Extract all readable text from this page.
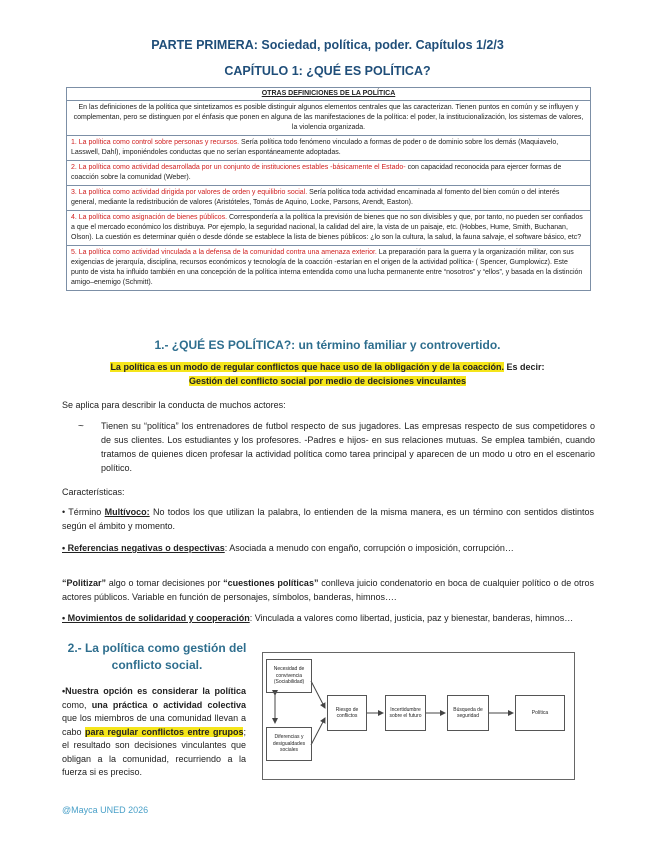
PARTE PRIMERA: Sociedad, política, poder. Capítulos 1/2/3
CAPÍTULO 1: ¿QUÉ ES POLÍTICA?
OTRAS DEFINICIONES DE LA POLÍTICA
En las definiciones de la política que sintetizamos es posible distinguir algunos elementos centrales que las caracterizan. Tienen puntos en común y se influyen y complementan, pero se distinguen por el énfasis que ponen en alguna de las manifestaciones de la política: el poder, la institucionalización, los sistemas de valores, la violencia organizada.
1. La política como control sobre personas y recursos. Sería política todo fenómeno vinculado a formas de poder o de dominio sobre los demás (Maquiavelo, Lasswell, Dahl), imponiéndoles conductas que no serían espontáneamente adoptadas.
2. La política como actividad desarrollada por un conjunto de instituciones estables -básicamente el Estado- con capacidad reconocida para ejercer formas de coacción sobre la comunidad (Weber).
3. La política como actividad dirigida por valores de orden y equilibrio social. Sería política toda actividad encaminada al fomento del bien común o del interés general, mediante la redistribución de valores (Aristóteles, Tomás de Aquino, Locke, Parsons, Arendt, Easton).
4. La política como asignación de bienes públicos. Correspondería a la política la previsión de bienes que no son divisibles y que, por tanto, no pueden ser confiados a que el mercado económico los distribuya. Por ejemplo, la seguridad nacional, la calidad del aire, la vista de un paisaje, etc. (Hobbes, Hume, Smith, Buchanan, Olson). La cuestión es determinar quién o desde dónde se establece la lista de bienes públicos: ¿lo son la cultura, la salud, la fauna salvaje, el software básico, etc?
5. La política como actividad vinculada a la defensa de la comunidad contra una amenaza exterior. La preparación para la guerra y la organización militar, con sus exigencias de jerarquía, disciplina, recursos económicos y tecnología de la coacción -estarían en el origen de la actividad política- ( Spencer, Gumplowicz). Este punto de vista ha influido también en una concepción de la política interna entendida como una lucha permanente entre “nosotros” y “ellos”, y basada en la distinción amigo–enemigo (Schmitt).
1.- ¿QUÉ ES POLÍTICA?: un término familiar y controvertido.
La política es un modo de regular conflictos que hace uso de la obligación y de la coacción. Es decir:
Gestión del conflicto social por medio de decisiones vinculantes
Se aplica para describir la conducta de muchos actores:
~ Tienen su “política” los entrenadores de futbol respecto de sus jugadores. Las empresas respecto de sus competidores o de sus clientes. Los estudiantes y los profesores. -Padres e hijos- en sus relaciones mutuas. Se emplea también, cuando tratamos de quienes dicen profesar la actividad política como tarea principal y aparecen de un modo u otro en el escenario político.
Características:
• Término Multívoco: No todos los que utilizan la palabra, lo entienden de la misma manera, es un término con sentidos distintos según el ámbito y momento.
• Referencias negativas o despectivas: Asociada a menudo con engaño, corrupción o imposición, corrupción…
“Politizar” algo o tomar decisiones por “cuestiones políticas” conlleva juicio condenatorio en boca de cualquier político o de otros actores públicos. Variable en función de personajes, símbolos, banderas, himnos….
• Movimientos de solidaridad y cooperación: Vinculada a valores como libertad, justicia, paz y bienestar, banderas, himnos…
2.- La política como gestión del conflicto social.
•Nuestra opción es considerar la política como, una práctica o actividad colectiva que los miembros de una comunidad llevan a cabo para regular conflictos entre grupos; el resultado son decisiones vinculantes que obligan a la comunidad, recurriendo a la fuerza si es preciso.
Necesidad de convivencia (Sociabilidad)
Diferencias y desigualdades sociales
Riesgo de conflictos
Incertidumbre sobre el futuro
Búsqueda de seguridad
Política
@Mayca UNED 2026
